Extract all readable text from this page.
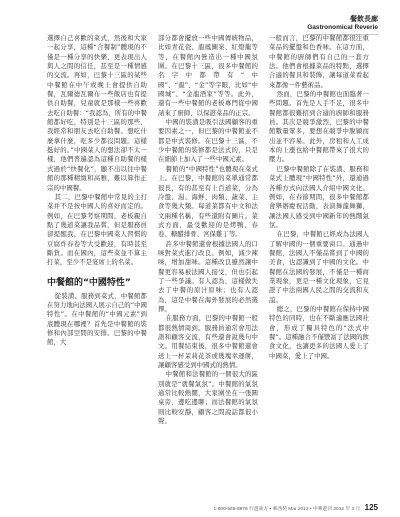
餐飲長廊
Gastronomical Reverie

選擇自己喜歡的菜式，然後和大家一起分享，這種“合餐制”體現的不僅是一種分享的快樂，更表現出人與人之間的信任，甚至是一種情感的交流。再如，巴黎十三區的某些中餐館在中午或晚上會提供自助餐，瓦爾德瓦爾布一些飯店也有提供自助餐，兒童就是那樣一些喜歡去吃自助餐：“我認為，所有的中餐館都好吃，特別是十三區的那些，我經常和朋友去吃自助餐。想吃什麼拿什麼，吃多少都沒問題。這樣挺好的。”中國菜人的想法卻不太一樣，他們普遍認為這種自助餐的樣式過於“快餐化”，顯不出以往中餐館的那種精緻和高雅，難以算作正宗的中國餐。

其二，巴黎中餐館中常見的主打菜并不是按中國人的喜好而定的。例如，在巴黎考察期間，老板親自點了幾道菜讓我品嘗，但是服務員卻提醒我，在巴黎中國菜人習慣的豆腐炸春卷等大受歡迎，有時甚至斷貨。而在國內，這些菜並不算主打菜，至少不是宴席上的名菜。

中餐館的“中國特性”

從裝潢、服務到菜式，中餐館都在努力地向法國人展示自己的“中國特性”。在中餐館的“中國元素”到底體現在哪裡？首先是中餐館的裝修和內部空間的安排。巴黎的中餐館，大

部分都會擺放一些中國傳統物品，比如青花瓷、龍鳳圖案、紅燈籠等等，在餐館內營造出一種中國氛圍。在巴黎十三區，很多中餐館的名字中都帶有“中國”、“龍”、“金”等字眼，比如“中國城”、“金龍酒家”等等。此外，還有一些中餐館的老板專門從中國請來了廚師，以保證菜品的正宗。

中國的裝潢是吸引法國顧客的重要因素之一，但巴黎的中餐館並不都是中式裝修。在巴黎十三區，不少中餐館的裝修都是法式的，只是在細節上加入了一些中國元素。

餐館的“中國特性”也體現在菜式上。在巴黎，中餐館的菜單通常都很長，有的甚至有上百道菜，分為冷盤、湯、海鮮、肉類、蔬菜、主食等幾大類。每道菜都有中文和法文兩種名稱，有些還附有圖片。菜式方面，最受歡迎的是烤鴨、春卷、糖醋排骨、宮保雞丁等。

許多中餐館還會根據法國人的口味對菜式進行改良。例如，減少辣味，增加甜味。這種改良雖然讓中餐更容易被法國人接受，但也引起了一些爭議。有人認為，這樣做失去了中餐的原汁原味；也有人認為，這是中餐在海外發展的必然選擇。

在服務方面，巴黎的中餐館一般都很熱情周到。服務員通常會用法語和顧客交流，有些還會說幾句中文。用餐結束後，很多中餐館還會送上一杯茉莉花茶或幾塊幸運餅，讓顧客感受到中國式的熱情。

中餐館和法餐館的一個很大的區別就是“就餐氣氛”。中餐館的氣氛通常比較熱鬧，大家圍坐在一張圓桌旁，邊吃邊聊；而法餐館的氣氛則比較安靜，顧客之間說話都很小聲。

一般而言，巴黎的中餐館都很注重菜品的擺盤和色香味。在這方面，中餐館的廚師們有自己的一套方法。他們會根據菜品的特點，選擇合適的餐具和裝飾，讓每道菜看起來都像一件藝術品。

然而，巴黎的中餐館也面臨著一些問題。首先是人手不足，很多中餐館都很難招到合適的廚師和服務員。其次是競爭激烈，巴黎的中餐館數量眾多，要想在競爭中脫穎而出並不容易。此外，房租和人工成本的上漲也給中餐館帶來了很大的壓力。

巴黎中餐館除了在裝潢、服務和菜式上體現“中國特性”外，還通過各種方式向法國人介紹中國文化。例如，在春節期間，很多中餐館都會舉辦慶祝活動，表演舞龍舞獅，讓法國人感受到中國新年的熱鬧氣氛。

在巴黎，中餐館已經成為法國人了解中國的一個重要窗口。通過中餐館，法國人不僅品嘗到了中國的美食，也認識到了中國的文化。中餐館在法國的發展，不僅是一種商業現象，更是一種文化現象，它見證了中法兩國人民之間的交流和友誼。

總之，巴黎的中餐館在保持中國特色的同時，也在不斷適應法國社會，形成了獨具特色的“法式中餐”。這種融合不僅豐富了法國的飲食文化，也讓更多的法國人愛上了中國菜，愛上了中國。

1-800-555-8878 行遊東方 • 華西苑 Mar 2012 • 中華遊刊 2012 年 3 月 125
